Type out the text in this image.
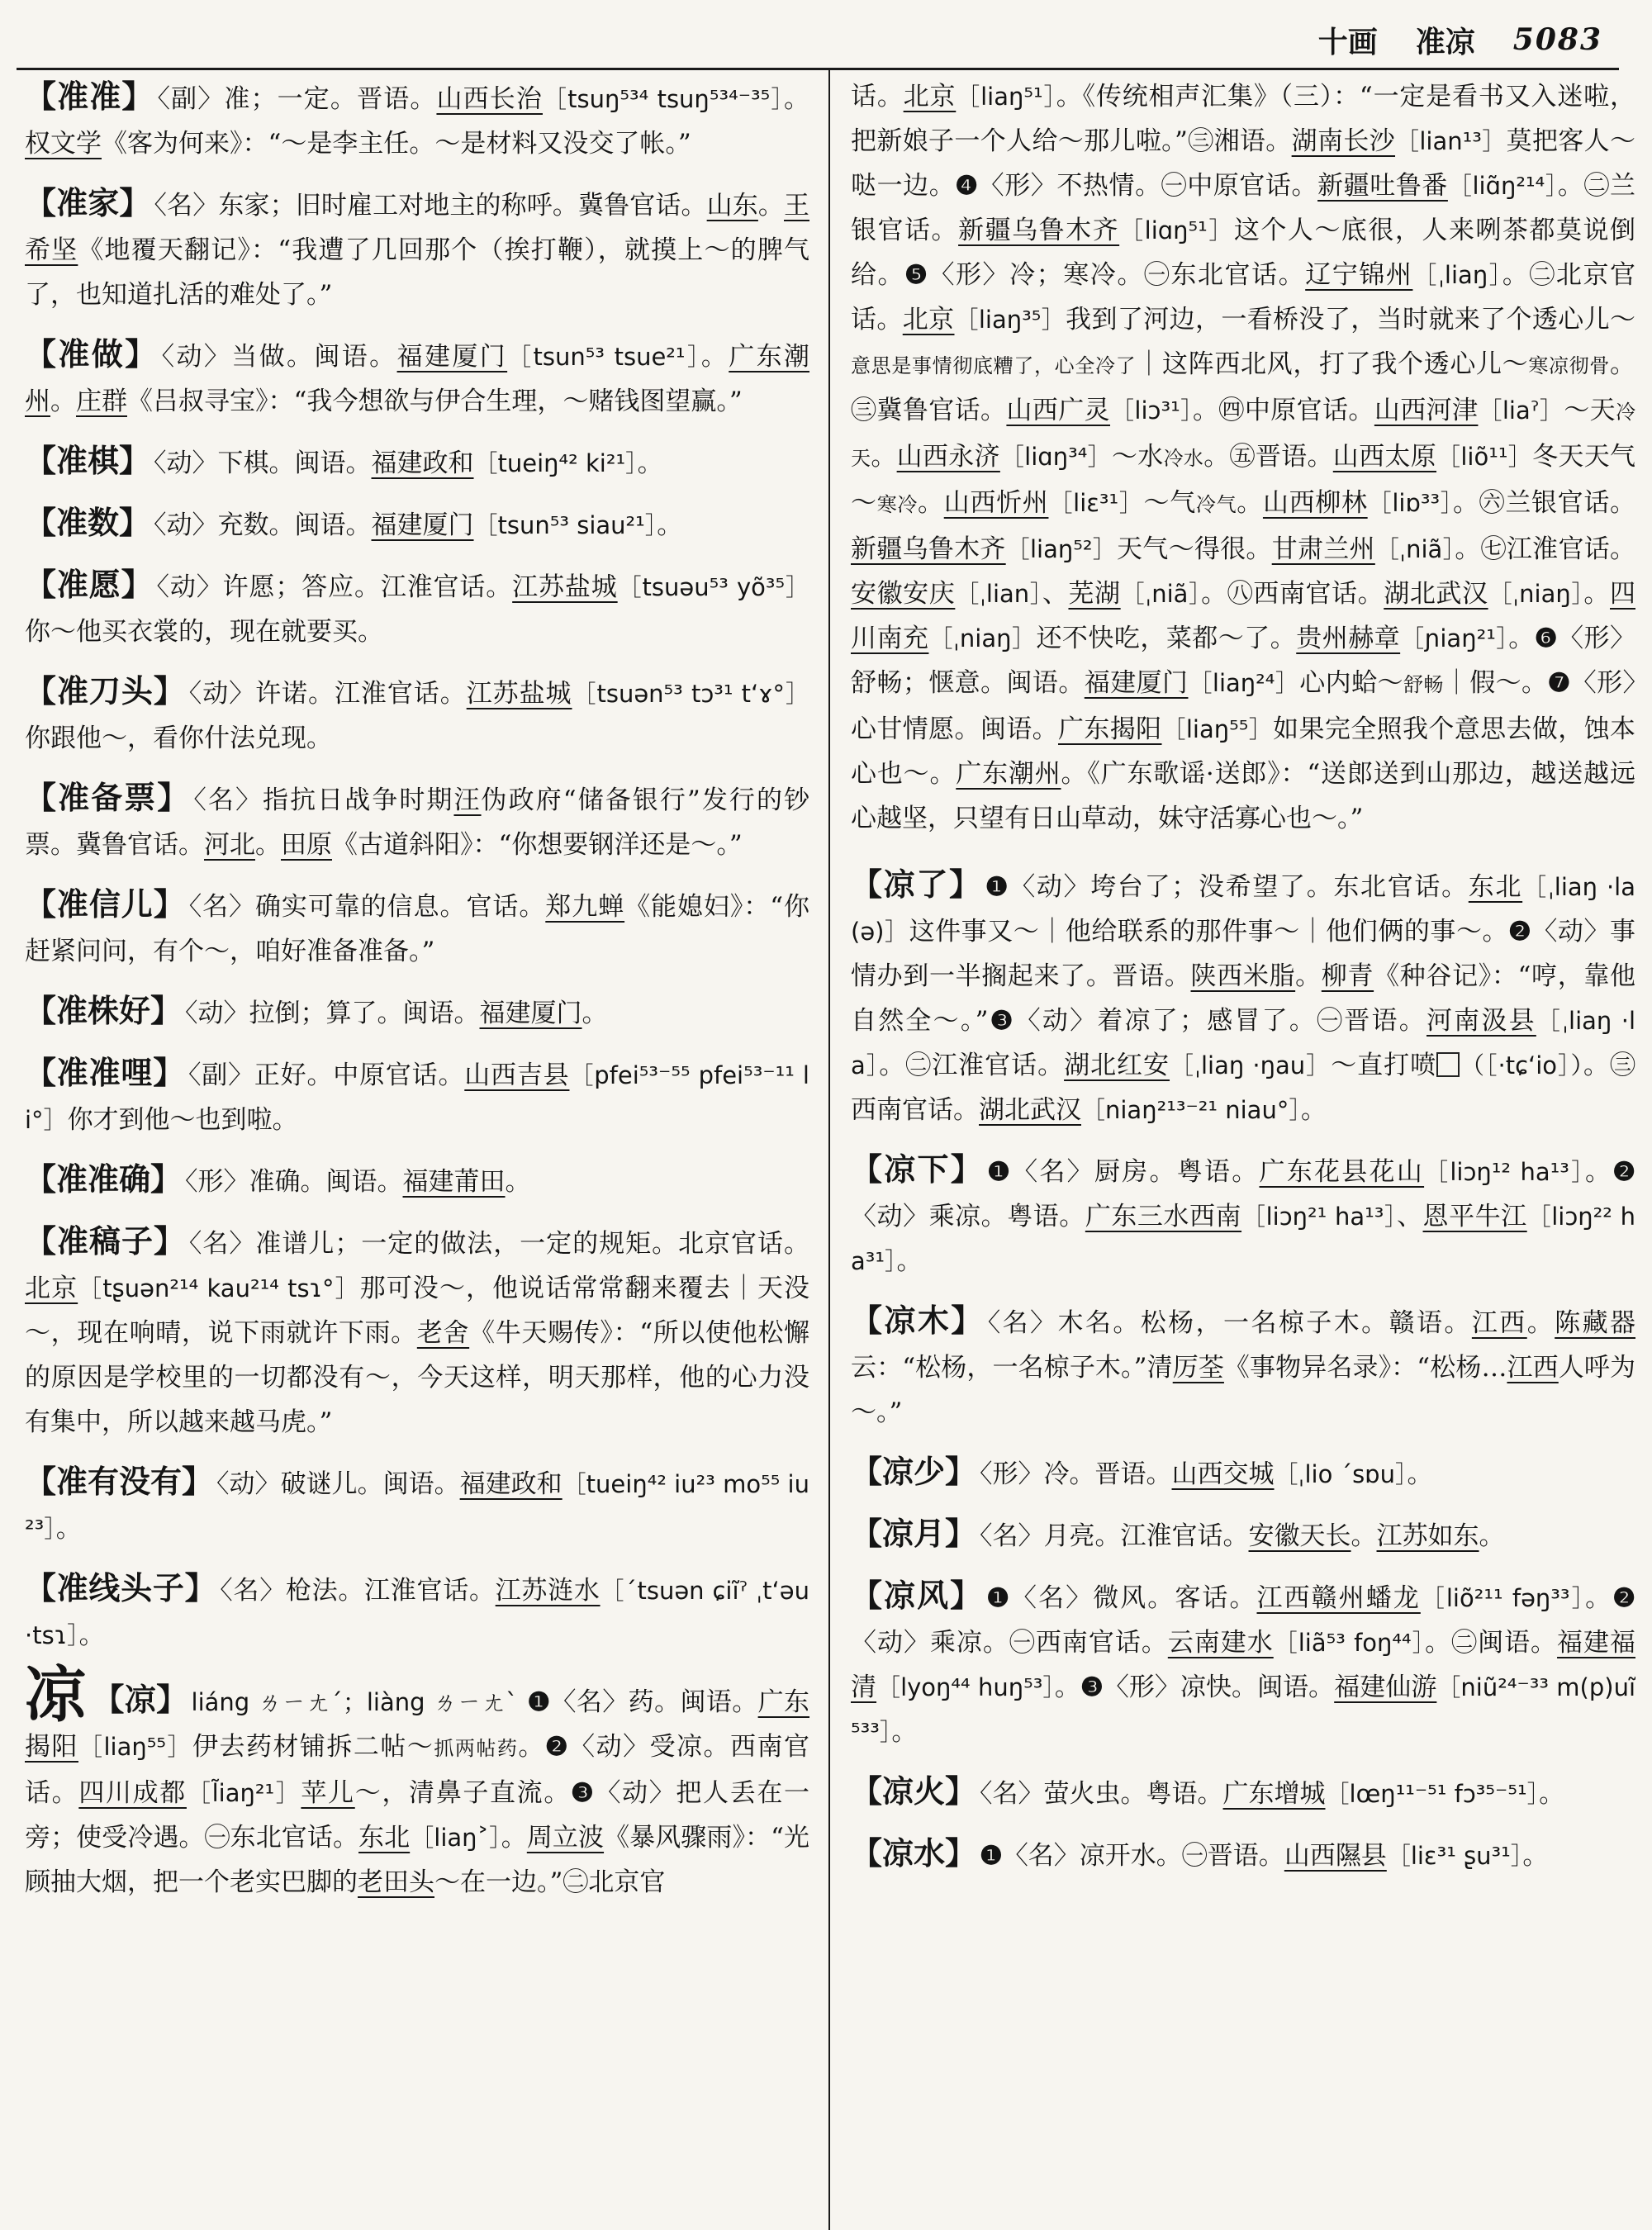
十画 准凉 5083

【准准】 〈副〉准；一定。晋语。山西长治［tsuŋ⁵³⁴ tsuŋ⁵³⁴⁻³⁵］。权文学《客为何来》：“～是李主任。～是材料又没交了帐。”

【准家】 〈名〉东家；旧时雇工对地主的称呼。冀鲁官话。山东。王希坚《地覆天翻记》：“我遭了几回那个（挨打鞭），就摸上～的脾气了，也知道扎活的难处了。”

【准做】 〈动〉当做。闽语。福建厦门［tsun⁵³ tsue²¹］。广东潮州。庄群《吕叔寻宝》：“我今想欲与伊合生理，～赌钱图望赢。”

【准棋】 〈动〉下棋。闽语。福建政和［tueiŋ⁴² ki²¹］。

【准数】 〈动〉充数。闽语。福建厦门［tsun⁵³ siau²¹］。

【准愿】 〈动〉许愿；答应。江淮官话。江苏盐城［tsuəu⁵³ yõ³⁵］你～他买衣裳的，现在就要买。

【准刀头】 〈动〉许诺。江淮官话。江苏盐城［tsuən⁵³ tɔ³¹ tʻɤ°］你跟他～，看你什法兑现。

【准备票】 〈名〉指抗日战争时期汪伪政府“储备银行”发行的钞票。冀鲁官话。河北。田原《古道斜阳》：“你想要钢洋还是～。”

【准信儿】 〈名〉确实可靠的信息。官话。郑九蝉《能媳妇》：“你赶紧问问，有个～，咱好准备准备。”

【准株好】 〈动〉拉倒；算了。闽语。福建厦门。

【准准哩】 〈副〉正好。中原官话。山西吉县［pfei⁵³⁻⁵⁵ pfei⁵³⁻¹¹ li°］你才到他～也到啦。

【准准确】 〈形〉准确。闽语。福建莆田。

【准稿子】 〈名〉准谱儿；一定的做法，一定的规矩。北京官话。北京［tʂuən²¹⁴ kau²¹⁴ tsɿ°］那可没～，他说话常常翻来覆去｜天没～，现在响晴，说下雨就许下雨。老舍《牛天赐传》：“所以使他松懈的原因是学校里的一切都没有～，今天这样，明天那样，他的心力没有集中，所以越来越马虎。”

【准有没有】 〈动〉破谜儿。闽语。福建政和［tueiŋ⁴² iu²³ mo⁵⁵ iu²³］。

【准线头子】 〈名〉枪法。江淮官话。江苏涟水［ˊtsuən ɕiĩˀ ˌtʻəu ·tsɿ］。

凉 【凉】 liáng ㄌㄧㄤˊ；liàng ㄌㄧㄤˋ ❶〈名〉药。闽语。广东揭阳［liaŋ⁵⁵］伊去药材铺拆二帖～抓两帖药。❷〈动〉受凉。西南官话。四川成都［l̃iaŋ²¹］苹儿～，清鼻子直流。❸〈动〉把人丢在一旁；使受冷遇。㊀东北官话。东北［liaŋ˃］。周立波《暴风骤雨》：“光顾抽大烟，把一个老实巴脚的老田头～在一边。”㊁北京官

话。北京［liaŋ⁵¹］。《传统相声汇集》（三）：“一定是看书又入迷啦，把新娘子一个人给～那儿啦。”㊂湘语。湖南长沙［lian¹³］莫把客人～哒一边。❹〈形〉不热情。㊀中原官话。新疆吐鲁番［liɑ̃ŋ²¹⁴］。㊁兰银官话。新疆乌鲁木齐［liɑŋ⁵¹］这个人～底很，人来咧茶都莫说倒给。❺〈形〉冷；寒冷。㊀东北官话。辽宁锦州［ˌliaŋ］。㊁北京官话。北京［liaŋ³⁵］我到了河边，一看桥没了，当时就来了个透心儿～意思是事情彻底糟了，心全冷了｜这阵西北风，打了我个透心儿～寒凉彻骨。㊂冀鲁官话。山西广灵［liɔ³¹］。㊃中原官话。山西河津［liaˀ］～天冷天。山西永济［liɑŋ³⁴］～水冷水。㊄晋语。山西太原［liõ¹¹］冬天天气～寒冷。山西忻州［liɛ³¹］～气冷气。山西柳林［liɒ³³］。㊅兰银官话。新疆乌鲁木齐［liaŋ⁵²］天气～得很。甘肃兰州［ˌniã］。㊆江淮官话。安徽安庆［ˌlian］、芜湖［ˌniã］。㊇西南官话。湖北武汉［ˌniaŋ］。四川南充［ˌniaŋ］还不快吃，菜都～了。贵州赫章［ɲiaŋ²¹］。❻〈形〉舒畅；惬意。闽语。福建厦门［liaŋ²⁴］心内蛤～舒畅｜假～。❼〈形〉心甘情愿。闽语。广东揭阳［liaŋ⁵⁵］如果完全照我个意思去做，蚀本心也～。广东潮州。《广东歌谣·送郎》：“送郎送到山那边，越送越远心越坚，只望有日山草动，妹守活寡心也～。”

【凉了】 ❶〈动〉垮台了；没希望了。东北官话。东北［ˌliaŋ ·la(ə)］这件事又～｜他给联系的那件事～｜他们俩的事～。❷〈动〉事情办到一半搁起来了。晋语。陕西米脂。柳青《种谷记》：“哼，靠他自然全～。”❸〈动〉着凉了；感冒了。㊀晋语。河南汲县［ˌliaŋ ·la］。㊁江淮官话。湖北红安［ˌliaŋ ·ŋau］～直打喷 （［·tɕʻio］）。㊂西南官话。湖北武汉［niaŋ²¹³⁻²¹ niau°］。

【凉下】 ❶〈名〉厨房。粤语。广东花县花山［liɔŋ¹² ha¹³］。❷〈动〉乘凉。粤语。广东三水西南［liɔŋ²¹ ha¹³］、恩平牛江［liɔŋ²² ha³¹］。

【凉木】 〈名〉木名。松杨，一名椋子木。赣语。江西。陈藏器云：“松杨，一名椋子木。”清厉荃《事物异名录》：“松杨…江西人呼为～。”

【凉少】 〈形〉冷。晋语。山西交城［ˌlio ˊsɒu］。

【凉月】 〈名〉月亮。江淮官话。安徽天长。江苏如东。

【凉风】 ❶〈名〉微风。客话。江西赣州蟠龙［liõ²¹¹ fəŋ³³］。❷〈动〉乘凉。㊀西南官话。云南建水［liã⁵³ foŋ⁴⁴］。㊁闽语。福建福清［lyoŋ⁴⁴ huŋ⁵³］。❸〈形〉凉快。闽语。福建仙游［niũ²⁴⁻³³ m(p)uĩ⁵³³］。

【凉火】 〈名〉萤火虫。粤语。广东增城［lœŋ¹¹⁻⁵¹ fɔ³⁵⁻⁵¹］。

【凉水】 ❶〈名〉凉开水。㊀晋语。山西隰县［liɛ³¹ ʂu³¹］。
